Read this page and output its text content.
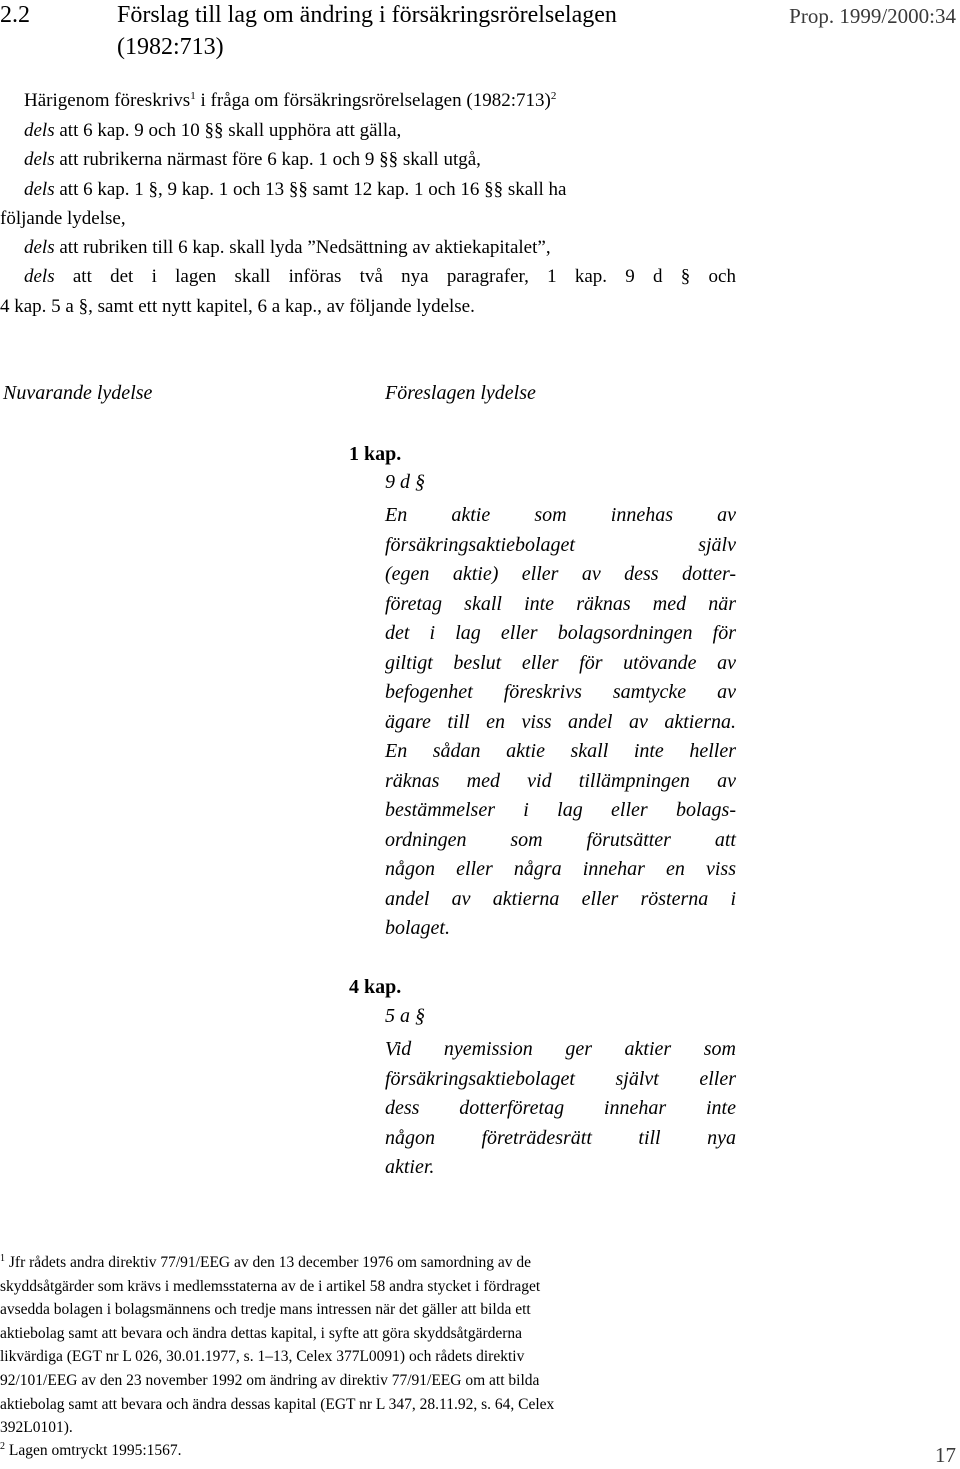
2.2	Förslag till lag om ändring i försäkringsrörelselagen
(1982:713)
Prop. 1999/2000:34
Härigenom föreskrivs$^1$ i fråga om försäkringsrörelselagen (1982:713)$^2$
dels att 6 kap. 9 och 10 §§ skall upphöra att gälla,
dels att rubrikerna närmast före 6 kap. 1 och 9 §§ skall utgå,
dels att 6 kap. 1 §, 9 kap. 1 och 13 §§ samt 12 kap. 1 och 16 §§ skall ha
följande lydelse,
dels att rubriken till 6 kap. skall lyda ”Nedsättning av aktiekapitalet”,
dels att det i lagen skall införas två nya paragrafer, 1 kap. 9 d § och
4 kap. 5 a §, samt ett nytt kapitel, 6 a kap., av följande lydelse.
Nuvarande lydelse	Föreslagen lydelse
1 kap.
9 d §

En aktie som innehas av
försäkringsaktiebolaget själv
(egen aktie) eller av dess dotter-
företag skall inte räknas med när
det i lag eller bolagsordningen för
giltigt beslut eller för utövande av
befogenhet föreskrivs samtycke av
ägare till en viss andel av aktierna.
En sådan aktie skall inte heller
räknas med vid tillämpningen av
bestämmelser i lag eller bolags-
ordningen som förutsätter att
någon eller några innehar en viss
andel av aktierna eller rösterna i
bolaget.

4 kap.
5 a §

Vid nyemission ger aktier som
försäkringsaktiebolaget självt eller
dess dotterföretag innehar inte
någon företrädesrätt till nya
aktier.

$^1$ Jfr rådets andra direktiv 77/91/EEG av den 13 december 1976 om samordning av de
skyddsåtgärder som krävs i medlemsstaterna av de i artikel 58 andra stycket i fördraget
avsedda bolagen i bolagsmännens och tredje mans intressen när det gäller att bilda ett
aktiebolag samt att bevara och ändra dettas kapital, i syfte att göra skyddsåtgärderna
likvärdiga (EGT nr L 026, 30.01.1977, s. 1–13, Celex 377L0091) och rådets direktiv
92/101/EEG av den 23 november 1992 om ändring av direktiv 77/91/EEG om att bilda
aktiebolag samt att bevara och ändra dessas kapital (EGT nr L 347, 28.11.92, s. 64, Celex
392L0101).
$^2$ Lagen omtryckt 1995:1567.	17
